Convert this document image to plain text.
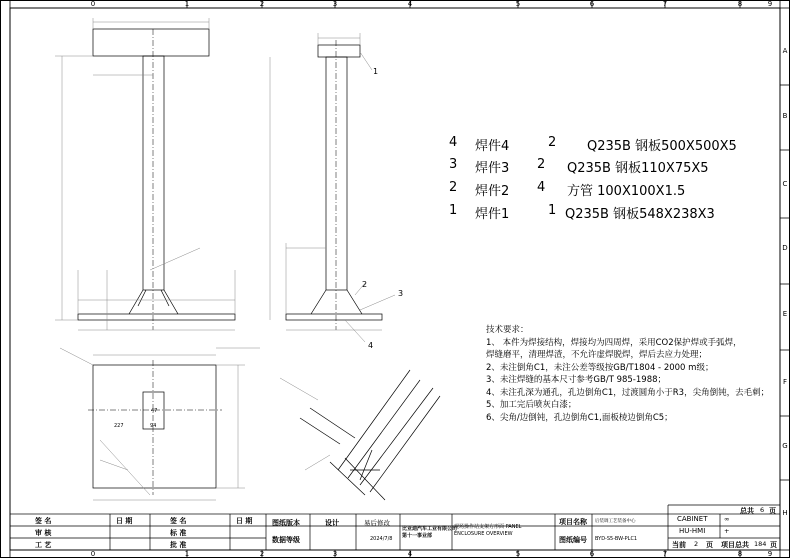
0	1	2	3	4	5	6	7	8	9
0	1	2	3	4	5	6	7	8	9
A
B
C
D
E
F
G
H
1
2
3
4
227	94
47
4 焊件4	2 Q235B 钢板500X500X5
3 焊件3 2 Q235B 钢板110X75X5
2 焊件2 4 方管 100X100X1.5
1 焊件1	1 Q235B 钢板548X238X3
技术要求：
1、 本件为焊接结构，焊接均为四周焊，采用CO2保护焊或手弧焊，
焊缝磨平，清理焊渣，不允许虚焊脱焊，焊后去应力处理；
2、未注倒角C1，未注公差等级按GB/T1804 - 2000 m级；
3、未注焊缝的基本尺寸参考GB/T 985-1988；
4、未注孔深为通孔，孔边倒角C1，过渡圆角小于R3，尖角倒钝，去毛刺；
5、加工完后喷灰白漆；
6、尖角/边倒钝，孔边倒角C1,面板棱边倒角C5；
签 名	日 期	签 名	日 期
审 核	标 准
工 艺	批 准
图纸版本
数据等级
设计	易后修改
2024/7/8
比亚迪汽车工业有限公司
第十一事业部
现场操作站支架方形面 PANEL ENCLOSURE OVERVIEW
项目名称 后装调工艺装备中心
图纸编号 BYD-S5-BW-PLC1
CABINET	∞
HU-HMI	+
总共 6 页
当前 2 页 项目总共 184 页
